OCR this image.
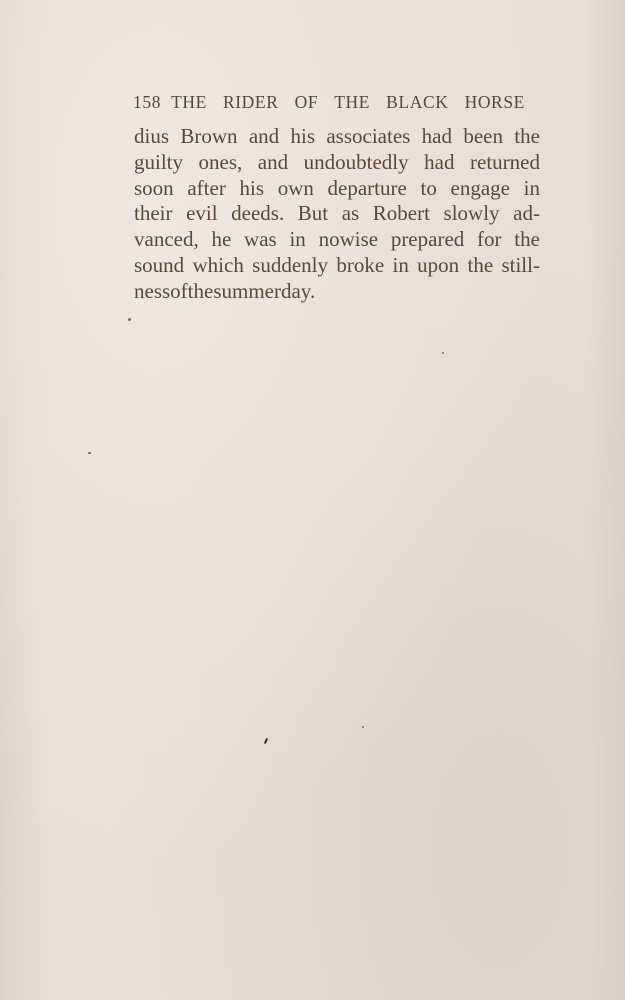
158 THE RIDER OF THE BLACK HORSE
dius Brown and his associates had been the
guilty ones, and undoubtedly had returned
soon after his own departure to engage in
their evil deeds. But as Robert slowly ad-
vanced, he was in nowise prepared for the
sound which suddenly broke in upon the still-
ness of the summer day.
